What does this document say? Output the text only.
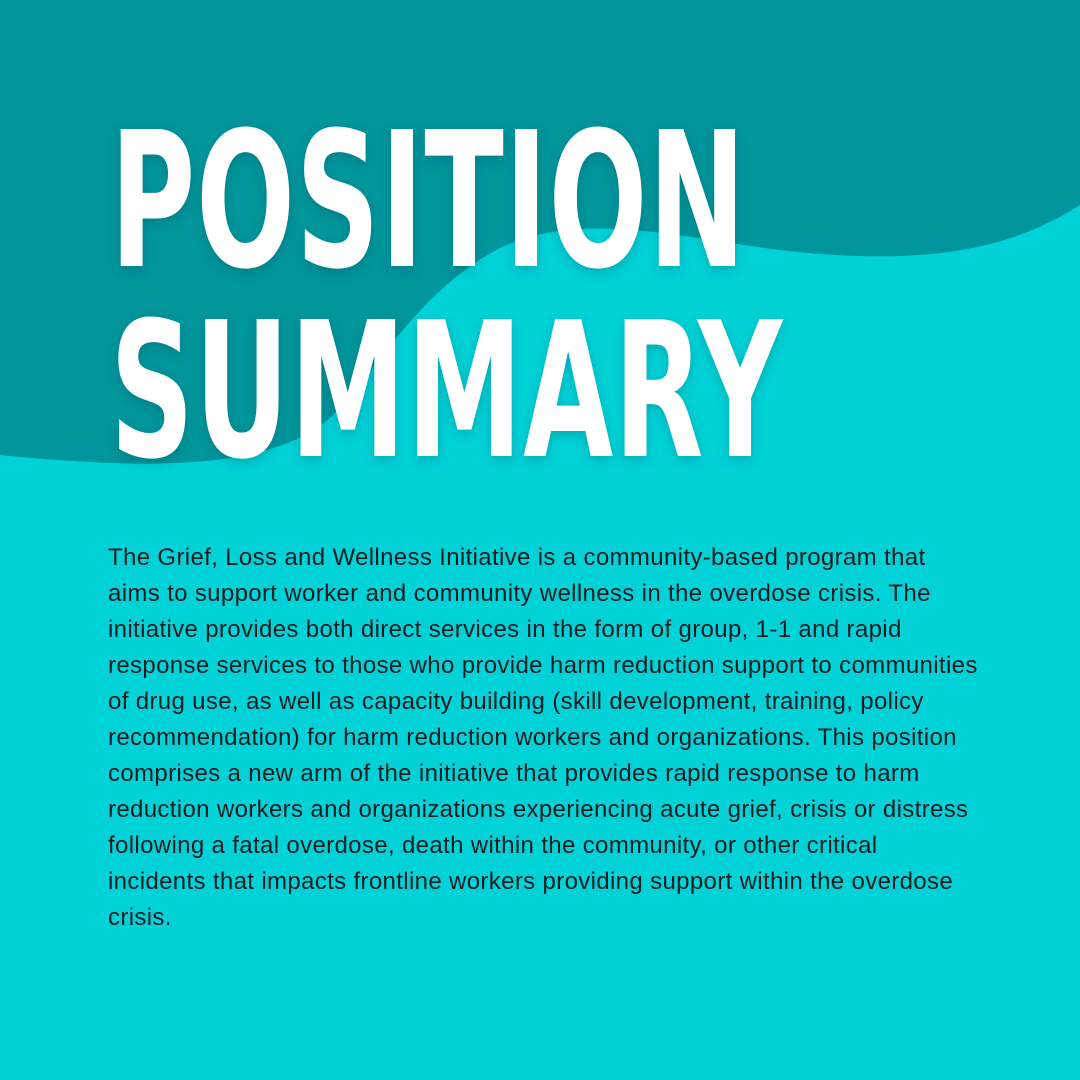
POSITION
SUMMARY

The Grief, Loss and Wellness Initiative is a community-based program that aims to support worker and community wellness in the overdose crisis. The initiative provides both direct services in the form of group, 1-1 and rapid response services to those who provide harm reduction support to communities of drug use, as well as capacity building (skill development, training, policy recommendation) for harm reduction workers and organizations. This position comprises a new arm of the initiative that provides rapid response to harm reduction workers and organizations experiencing acute grief, crisis or distress following a fatal overdose, death within the community, or other critical incidents that impacts frontline workers providing support within the overdose crisis.
